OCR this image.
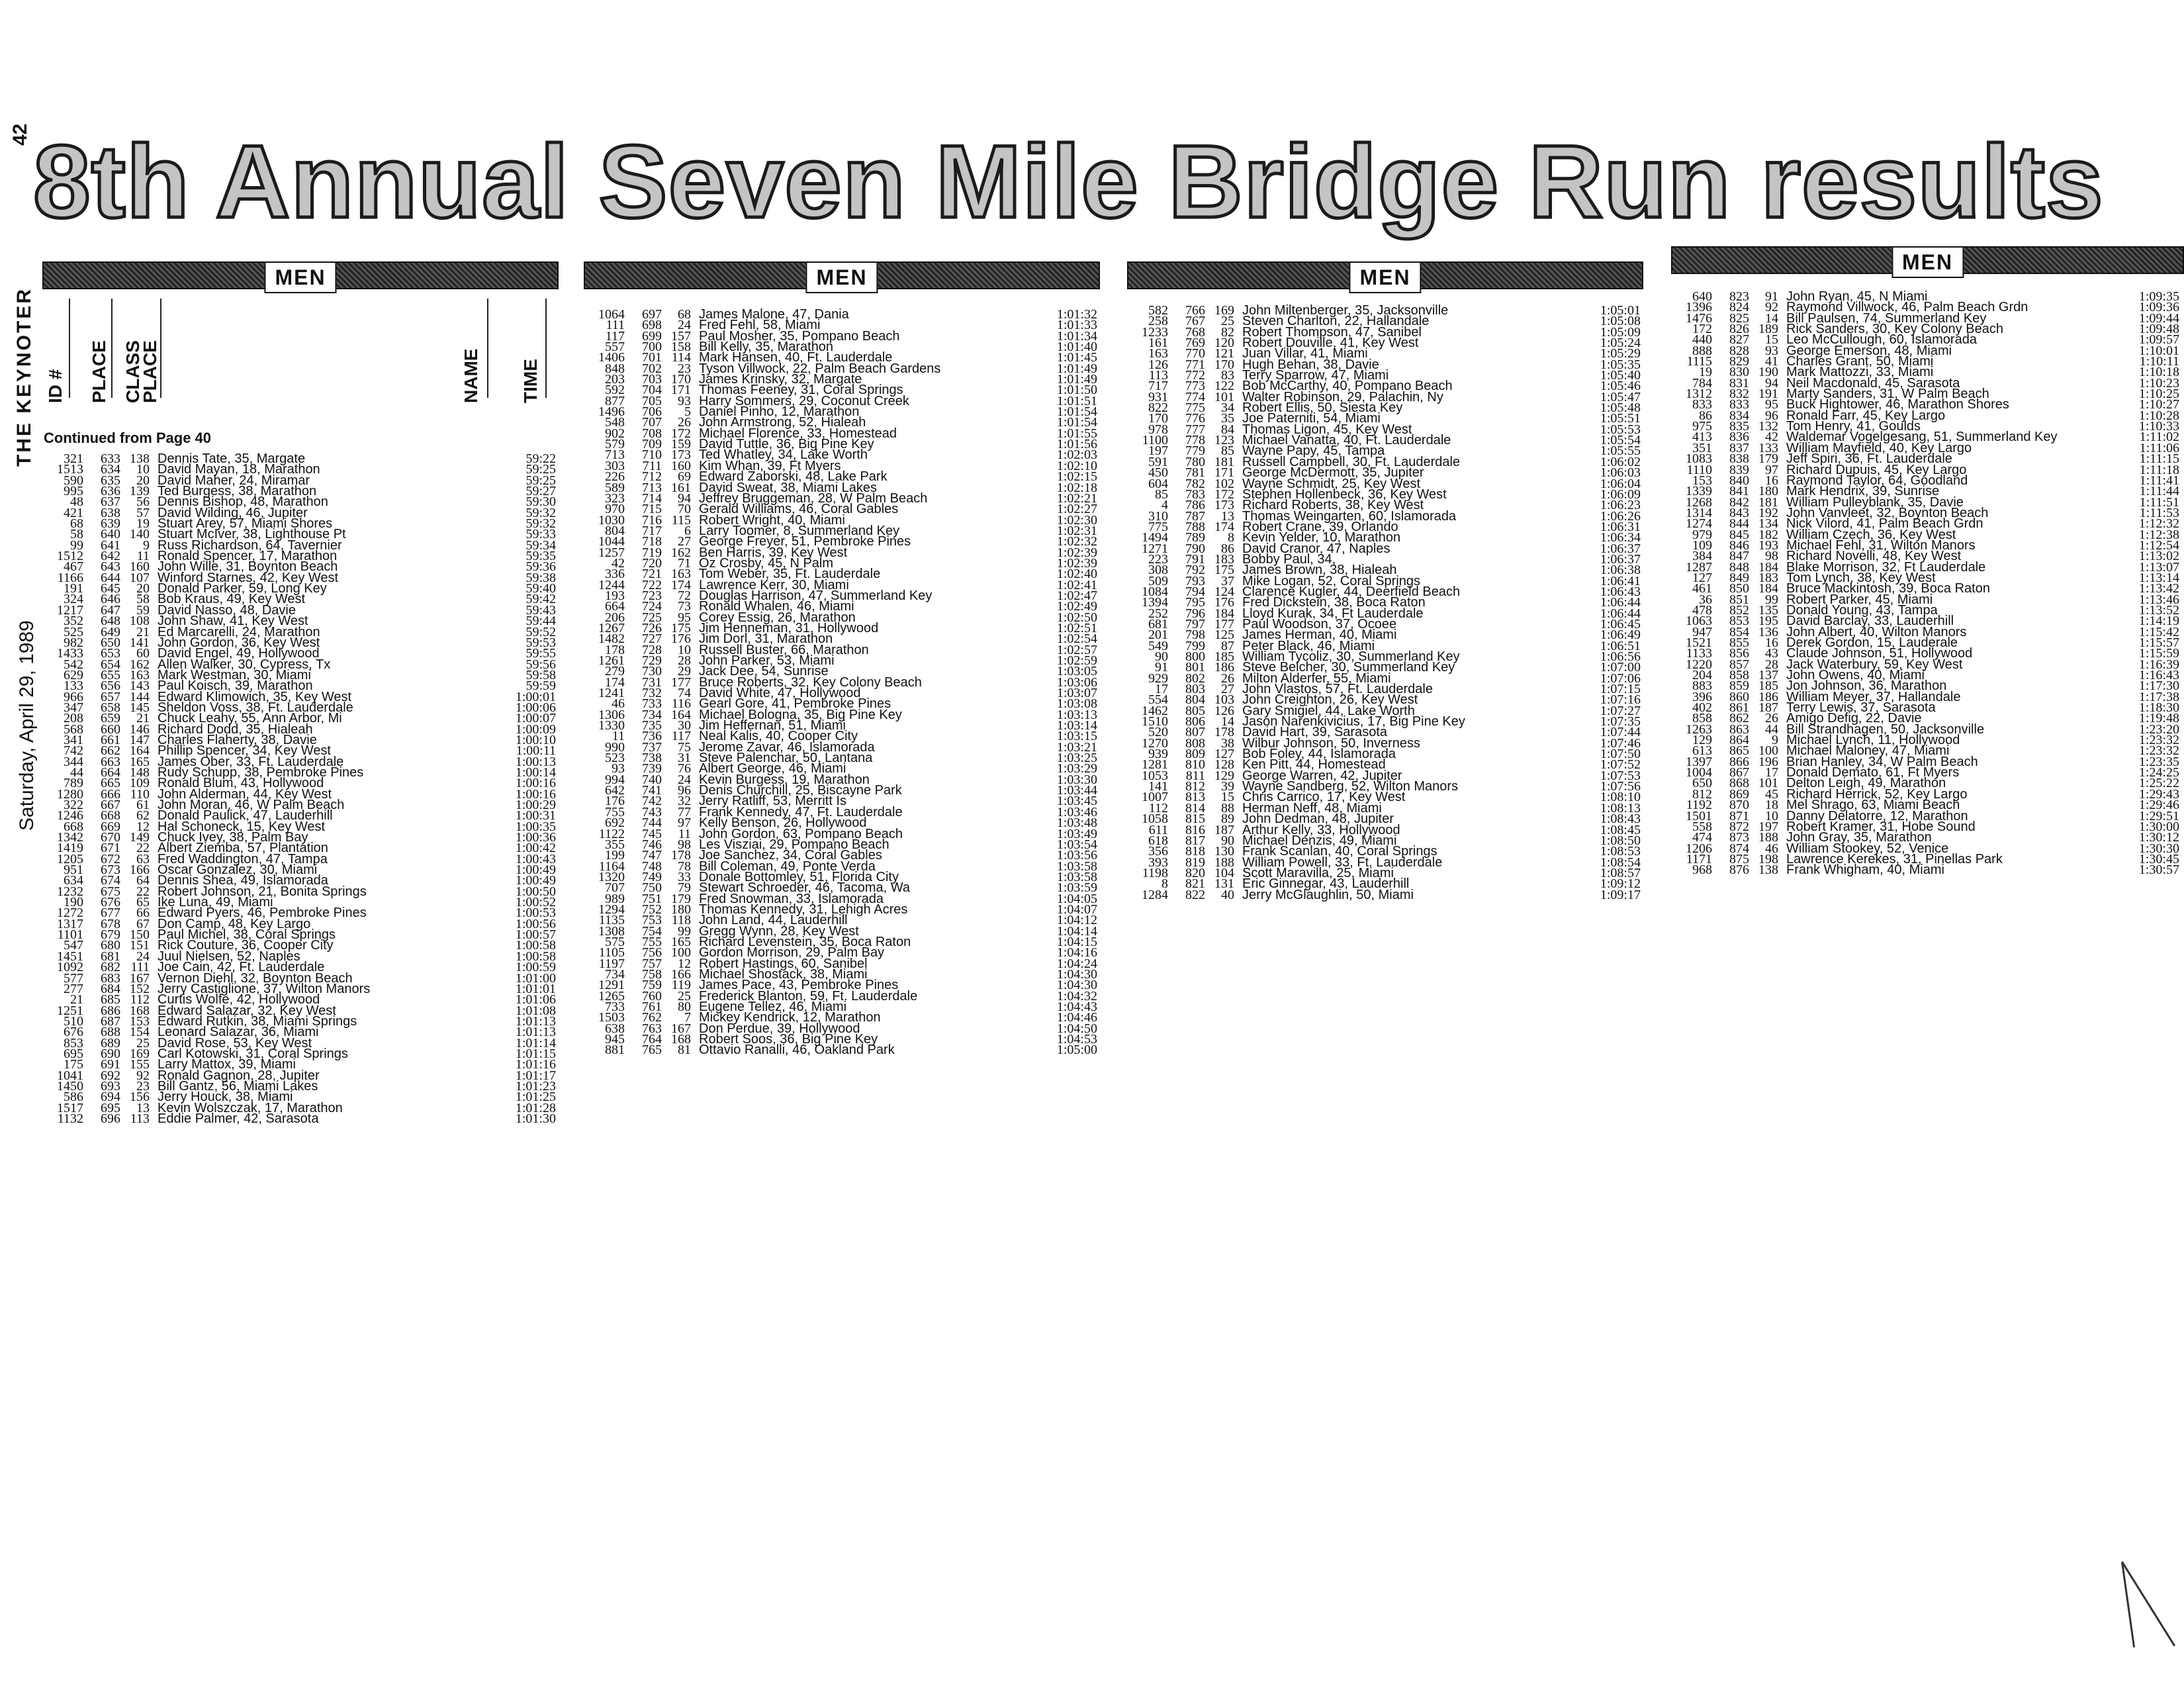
THE KEYNOTER
Saturday, April 29, 1989
42 8th Annual Seven Mile Bridge Run results
MEN
ID # PLACE CLASS PLACE	NAME TIME
Continued from Page 40
321	633 138 Dennis Tate, 35, Margate	59:22
1513	634	10 David Mayan, 18, Marathon	59:25
590	635	20 David Maher, 24, Miramar	59:25
995	636 139 Ted Burgess, 38, Marathon	59:27
48	637	56 Dennis Bishop, 48, Marathon	59:30
421	638	57 David Wilding, 46, Jupiter	59:32
68	639	19 Stuart Arey, 57, Miami Shores	59:32
58	640 140 Stuart McIver, 38, Lighthouse Pt	59:33
99	641	9 Russ Richardson, 64, Tavernier	59:34
1512	642	11 Ronald Spencer, 17, Marathon	59:35
467	643 160 John Wille, 31, Boynton Beach	59:36
1166	644 107 Winford Starnes, 42, Key West	59:38
191	645	20 Donald Parker, 59, Long Key	59:40
324	646	58 Bob Kraus, 49, Key West	59:42
1217	647	59 David Nasso, 48, Davie	59:43
352	648 108 John Shaw, 41, Key West	59:44
525	649	21 Ed Marcarelli, 24, Marathon	59:52
982	650 141 John Gordon, 36, Key West	59:53
1433	653	60 David Engel, 49, Hollywood	59:55
542	654 162 Allen Walker, 30, Cypress, Tx	59:56
629	655 163 Mark Westman, 30, Miami	59:58
133	656 143 Paul Koisch, 39, Marathon	59:59
966	657 144 Edward Klimowich, 35, Key West	1:00:01
347	658 145 Sheldon Voss, 38, Ft. Lauderdale	1:00:06
208	659	21 Chuck Leahy, 55, Ann Arbor, Mi	1:00:07
568	660 146 Richard Dodd, 35, Hialeah	1:00:09
341	661 147 Charles Flaherty, 38, Davie	1:00:10
742	662 164 Phillip Spencer, 34, Key West	1:00:11
344	663 165 James Ober, 33, Ft. Lauderdale	1:00:13
44	664 148 Rudy Schupp, 38, Pembroke Pines	1:00:14
789	665 109 Ronald Blum, 43, Hollywood	1:00:16
1280	666 110 John Alderman, 44, Key West	1:00:16
322	667	61 John Moran, 46, W Palm Beach	1:00:29
1246	668	62 Donald Paulick, 47, Lauderhill	1:00:31
668	669	12 Hal Schoneck, 15, Key West	1:00:35
1342	670 149 Chuck Ivey, 38, Palm Bay	1:00:36
1419	671	22 Albert Ziemba, 57, Plantation	1:00:42
1205	672	63 Fred Waddington, 47, Tampa	1:00:43
951	673 166 Oscar Gonzalez, 30, Miami	1:00:49
634	674	64 Dennis Shea, 49, Islamorada	1:00:49
1232	675	22 Robert Johnson, 21, Bonita Springs	1:00:50
190	676	65 Ike Luna, 49, Miami	1:00:52
1272	677	66 Edward Pyers, 46, Pembroke Pines	1:00:53
1317	678	67 Don Camp, 48, Key Largo	1:00:56
1101	679 150 Paul Michel, 38, Coral Springs	1:00:57
547	680 151 Rick Couture, 36, Cooper City	1:00:58
1451	681	24 Juul Nielsen, 52, Naples	1:00:58
1092	682 111 Joe Cain, 42, Ft. Lauderdale	1:00:59
577	683 167 Vernon Diehl, 32, Boynton Beach	1:01:00
277	684 152 Jerry Castiglione, 37, Wilton Manors	1:01:01
21	685 112 Curtis Wolfe, 42, Hollywood	1:01:06
1251	686 168 Edward Salazar, 32, Key West	1:01:08
510	687 153 Edward Rutkin, 38, Miami Springs	1:01:13
676	688 154 Leonard Salazar, 36, Miami	1:01:13
853	689	25 David Rose, 53, Key West	1:01:14
695	690 169 Carl Kotowski, 31, Coral Springs	1:01:15
175	691 155 Larry Mattox, 39, Miami	1:01:16
1041	692	92 Ronald Gagnon, 28, Jupiter	1:01:17
1450	693	23 Bill Gantz, 56, Miami Lakes	1:01:23
586	694 156 Jerry Houck, 38, Miami	1:01:25
1517	695	13 Kevin Wolszczak, 17, Marathon	1:01:28
1132	696 113 Eddie Palmer, 42, Sarasota	1:01:30
MEN
1064	697	68 James Malone, 47, Dania	1:01:32
111	698	24 Fred Fehl, 58, Miami	1:01:33
117	699 157 Paul Mosher, 35, Pompano Beach	1:01:34
557	700 158 Bill Kelly, 35, Marathon	1:01:40
1406	701 114 Mark Hansen, 40, Ft. Lauderdale	1:01:45
848	702	23 Tyson Villwock, 22, Palm Beach Gardens	1:01:49
203	703 170 James Krinsky, 32, Margate	1:01:49
592	704 171 Thomas Feeney, 31, Coral Springs	1:01:50
877	705	93 Harry Sommers, 29, Coconut Creek	1:01:51
1496	706	5 Daniel Pinho, 12, Marathon	1:01:54
548	707	26 John Armstrong, 52, Hialeah	1:01:54
902	708 172 Michael Florence, 33, Homestead	1:01:55
579	709 159 David Tuttle, 36, Big Pine Key	1:01:56
713	710 173 Ted Whatley, 34, Lake Worth	1:02:03
303	711 160 Kim Whan, 39, Ft Myers	1:02:10
226	712	69 Edward Zaborski, 48, Lake Park	1:02:15
589	713 161 David Sweat, 38, Miami Lakes	1:02:18
323	714	94 Jeffrey Bruggeman, 28, W Palm Beach	1:02:21
970	715	70 Gerald Williams, 46, Coral Gables	1:02:27
1030	716 115 Robert Wright, 40, Miami	1:02:30
804	717	6 Larry Toomer, 8, Summerland Key	1:02:31
1044	718	27 George Freyer, 51, Pembroke Pines	1:02:32
1257	719 162 Ben Harris, 39, Key West	1:02:39
42	720	71 Oz Crosby, 45, N Palm	1:02:39
336	721 163 Tom Weber, 35, Ft. Lauderdale	1:02:40
1244	722 174 Lawrence Kerr, 30, Miami	1:02:41
193	723	72 Douglas Harrison, 47, Summerland Key	1:02:47
664	724	73 Ronald Whalen, 46, Miami	1:02:49
206	725	95 Corey Essig, 26, Marathon	1:02:50
1267	726 175 Jim Henneman, 31, Hollywood	1:02:51
1482	727 176 Jim Dorl, 31, Marathon	1:02:54
178	728	10 Russell Buster, 66, Marathon	1:02:57
1261	729	28 John Parker, 53, Miami	1:02:59
279	730	29 Jack Dee, 54, Sunrise	1:03:05
174	731 177 Bruce Roberts, 32, Key Colony Beach	1:03:06
1241	732	74 David White, 47, Hollywood	1:03:07
46	733 116 Gearl Gore, 41, Pembroke Pines	1:03:08
1306	734 164 Michael Bologna, 35, Big Pine Key	1:03:13
1330	735	30 Jim Heffernan, 51, Miami	1:03:14
11	736 117 Neal Kalis, 40, Cooper City	1:03:15
990	737	75 Jerome Zavar, 46, Islamorada	1:03:21
523	738	31 Steve Palenchar, 50, Lantana	1:03:25
93	739	76 Albert George, 46, Miami	1:03:29
994	740	24 Kevin Burgess, 19, Marathon	1:03:30
642	741	96 Denis Churchill, 25, Biscayne Park	1:03:44
176	742	32 Jerry Ratliff, 53, Merritt Is	1:03:45
755	743	77 Frank Kennedy, 47, Ft. Lauderdale	1:03:46
692	744	97 Kelly Benson, 26, Hollywood	1:03:48
1122	745	11 John Gordon, 63, Pompano Beach	1:03:49
355	746	98 Les Visziai, 29, Pompano Beach	1:03:54
199	747 178 Joe Sanchez, 34, Coral Gables	1:03:56
1164	748	78 Bill Coleman, 49, Ponte Verda	1:03:58
1320	749	33 Donale Bottomley, 51, Florida City	1:03:58
707	750	79 Stewart Schroeder, 46, Tacoma, Wa	1:03:59
989	751 179 Fred Snowman, 33, Islamorada	1:04:05
1294	752 180 Thomas Kennedy, 31, Lehigh Acres	1:04:07
1135	753 118 John Land, 44, Lauderhill	1:04:12
1308	754	99 Gregg Wynn, 28, Key West	1:04:14
575	755 165 Richard Levenstein, 35, Boca Raton	1:04:15
1105	756 100 Gordon Morrison, 29, Palm Bay	1:04:16
1197	757	12 Robert Hastings, 60, Sanibel	1:04:24
734	758 166 Michael Shostack, 38, Miami	1:04:30
1291	759 119 James Pace, 43, Pembroke Pines	1:04:30
1265	760	25 Frederick Blanton, 59, Ft. Lauderdale	1:04:32
733	761	80 Eugene Tellez, 46, Miami	1:04:43
1503	762	7 Mickey Kendrick, 12, Marathon	1:04:46
638	763 167 Don Perdue, 39, Hollywood	1:04:50
945	764 168 Robert Soos, 36, Big Pine Key	1:04:53
881	765	81 Ottavio Ranalli, 46, Oakland Park	1:05:00
MEN
582	766 169 John Miltenberger, 35, Jacksonville	1:05:01
258	767	25 Steven Charlton, 22, Hallandale	1:05:08
1233	768	82 Robert Thompson, 47, Sanibel	1:05:09
161	769 120 Robert Douville, 41, Key West	1:05:24
163	770 121 Juan Villar, 41, Miami	1:05:29
126	771 170 Hugh Behan, 38, Davie	1:05:35
113	772	83 Terry Sparrow, 47, Miami	1:05:40
717	773 122 Bob McCarthy, 40, Pompano Beach	1:05:46
931	774 101 Walter Robinson, 29, Palachin, Ny	1:05:47
822	775	34 Robert Ellis, 50, Siesta Key	1:05:48
170	776	35 Joe Paterniti, 54, Miami	1:05:51
978	777	84 Thomas Ligon, 45, Key West	1:05:53
1100	778 123 Michael Vanatta, 40, Ft. Lauderdale	1:05:54
197	779	85 Wayne Papy, 45, Tampa	1:05:55
591	780 181 Russell Campbell, 30, Ft. Lauderdale	1:06:02
450	781 171 George McDermott, 35, Jupiter	1:06:03
604	782 102 Wayne Schmidt, 25, Key West	1:06:04
85	783 172 Stephen Hollenbeck, 36, Key West	1:06:09
4	786 173 Richard Roberts, 38, Key West	1:06:23
310	787	13 Thomas Weingarten, 60, Islamorada	1:06:26
775	788 174 Robert Crane, 39, Orlando	1:06:31
1494	789	8 Kevin Yelder, 10, Marathon	1:06:34
1271	790	86 David Cranor, 47, Naples	1:06:37
223	791 183 Bobby Paul, 34,	1:06:37
308	792 175 James Brown, 38, Hialeah	1:06:38
509	793	37 Mike Logan, 52, Coral Springs	1:06:41
1084	794 124 Clarence Kugler, 44, Deerfield Beach	1:06:43
1394	795 176 Fred Dickstein, 38, Boca Raton	1:06:44
252	796 184 Lloyd Kurak, 34, Ft Lauderdale	1:06:44
681	797 177 Paul Woodson, 37, Ocoee	1:06:45
201	798 125 James Herman, 40, Miami	1:06:49
549	799	87 Peter Black, 46, Miami	1:06:51
90	800 185 William Tycoliz, 30, Summerland Key	1:06:56
91	801 186 Steve Belcher, 30, Summerland Key	1:07:00
929	802	26 Milton Alderfer, 55, Miami	1:07:06
17	803	27 John Vlastos, 57, Ft. Lauderdale	1:07:15
554	804 103 John Creighton, 26, Key West	1:07:16
1462	805 126 Gary Smigiel, 44, Lake Worth	1:07:27
1510	806	14 Jason Narenkivicius, 17, Big Pine Key	1:07:35
520	807 178 David Hart, 39, Sarasota	1:07:44
1270	808	38 Wilbur Johnson, 50, Inverness	1:07:46
939	809 127 Bob Foley, 44, Islamorada	1:07:50
1281	810 128 Ken Pitt, 44, Homestead	1:07:52
1053	811 129 George Warren, 42, Jupiter	1:07:53
141	812	39 Wayne Sandberg, 52, Wilton Manors	1:07:56
1007	813	15 Chris Carrico, 17, Key West	1:08:10
112	814	88 Herman Neff, 48, Miami	1:08:13
1058	815	89 John Dedman, 48, Jupiter	1:08:43
611	816 187 Arthur Kelly, 33, Hollywood	1:08:45
618	817	90 Michael Denzis, 49, Miami	1:08:50
356	818 130 Frank Scanlan, 40, Coral Springs	1:08:53
393	819 188 William Powell, 33, Ft. Lauderdale	1:08:54
1198	820 104 Scott Maravilla, 25, Miami	1:08:57
8	821 131 Eric Ginnegar, 43, Lauderhill	1:09:12
1284	822	40 Jerry McGlaughlin, 50, Miami	1:09:17
MEN
640	823	91 John Ryan, 45, N Miami	1:09:35
1396	824	92 Raymond Villwock, 46, Palm Beach Grdn	1:09:36
1476	825	14 Bill Paulsen, 74, Summerland Key	1:09:44
172	826 189 Rick Sanders, 30, Key Colony Beach	1:09:48
440	827	15 Leo McCullough, 60, Islamorada	1:09:57
888	828	93 George Emerson, 48, Miami	1:10:01
1115	829	41 Charles Grant, 50, Miami	1:10:11
19	830 190 Mark Mattozzi, 33, Miami	1:10:18
784	831	94 Neil Macdonald, 45, Sarasota	1:10:23
1312	832 191 Marty Sanders, 31, W Palm Beach	1:10:25
833	833	95 Buck Hightower, 46, Marathon Shores	1:10:27
86	834	96 Ronald Farr, 45, Key Largo	1:10:28
975	835 132 Tom Henry, 41, Goulds	1:10:33
413	836	42 Waldemar Vogelgesang, 51, Summerland Key	1:11:02
351	837 133 William Mayfield, 40, Key Largo	1:11:06
1083	838 179 Jeff Spiri, 36, Ft. Lauderdale	1:11:15
1110	839	97 Richard Dupuis, 45, Key Largo	1:11:18
153	840	16 Raymond Taylor, 64, Goodland	1:11:41
1339	841 180 Mark Hendrix, 39, Sunrise	1:11:44
1268	842 181 William Pulleyblank, 35, Davie	1:11:51
1314	843 192 John Vanvleet, 32, Boynton Beach	1:11:53
1274	844 134 Nick Vilord, 41, Palm Beach Grdn	1:12:32
979	845 182 William Czech, 36, Key West	1:12:38
109	846 193 Michael Fehl, 31, Wilton Manors	1:12:54
384	847	98 Richard Novelli, 48, Key West	1:13:02
1287	848 184 Blake Morrison, 32, Ft Lauderdale	1:13:07
127	849 183 Tom Lynch, 38, Key West	1:13:14
461	850 184 Bruce Mackintosh, 39, Boca Raton	1:13:42
36	851	99 Robert Parker, 45, Miami	1:13:46
478	852 135 Donald Young, 43, Tampa	1:13:52
1063	853 195 David Barclay, 33, Lauderhill	1:14:19
947	854 136 John Albert, 40, Wilton Manors	1:15:42
1521	855	16 Derek Gordon, 15, Lauderale	1:15:57
1133	856	43 Claude Johnson, 51, Hollywood	1:15:59
1220	857	28 Jack Waterbury, 59, Key West	1:16:39
204	858 137 John Owens, 40, Miami	1:16:43
883	859 185 Jon Johnson, 36, Marathon	1:17:30
396	860 186 William Meyer, 37, Hallandale	1:17:38
402	861 187 Terry Lewis, 37, Sarasota	1:18:30
858	862	26 Amigo Defig, 22, Davie	1:19:48
1263	863	44 Bill Strandhagen, 50, Jacksonville	1:23:20
129	864	9 Michael Lynch, 11, Hollywood	1:23:32
613	865 100 Michael Maloney, 47, Miami	1:23:32
1397	866 196 Brian Hanley, 34, W Palm Beach	1:23:35
1004	867	17 Donald Demato, 61, Ft Myers	1:24:25
650	868 101 Delton Leigh, 49, Marathon	1:25:22
812	869	45 Richard Herrick, 52, Key Largo	1:29:43
1192	870	18 Mel Shrago, 63, Miami Beach	1:29:46
1501	871	10 Danny Delatorre, 12, Marathon	1:29:51
558	872 197 Robert Kramer, 31, Hobe Sound	1:30:00
474	873 188 John Gray, 35, Marathon	1:30:12
1206	874	46 William Stookey, 52, Venice	1:30:30
1171	875 198 Lawrence Kerekes, 31, Pinellas Park	1:30:45
968	876 138 Frank Whigham, 40, Miami	1:30:57
